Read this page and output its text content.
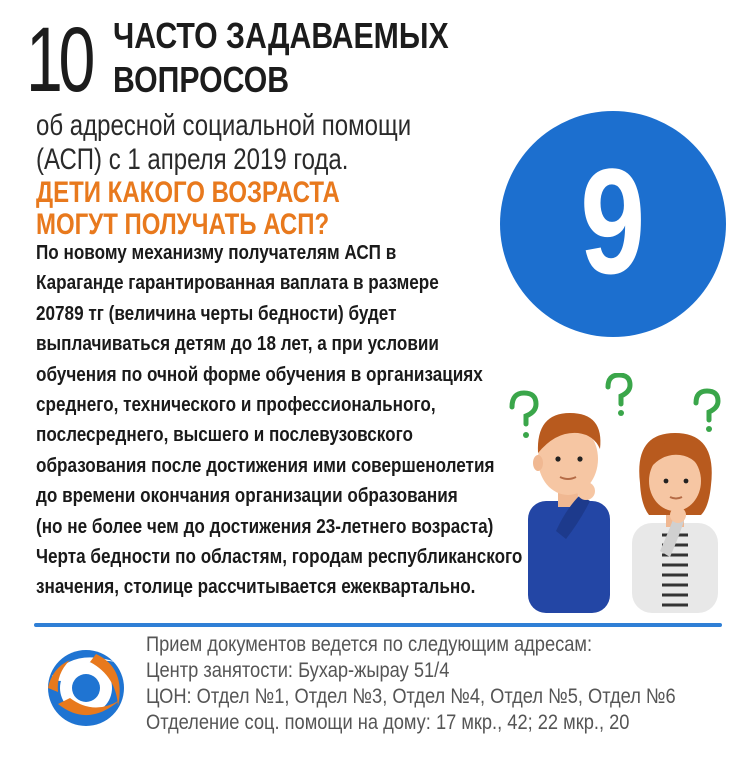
10 ЧАСТО ЗАДАВАЕМЫХ
ВОПРОСОВ
об адресной социальной помощи
(АСП) с 1 апреля 2019 года.
ДЕТИ КАКОГО ВОЗРАСТА
МОГУТ ПОЛУЧАТЬ АСП? 9
По новому механизму получателям АСП в
Караганде гарантированная ваплата в размере
20789 тг (величина черты бедности) будет
выплачиваться детям до 18 лет, а при условии
обучения по очной форме обучения в организациях
среднего, технического и профессионального,
послесреднего, высшего и послевузовского
образования после достижения ими совершенолетия
до времени окончания организации образования
(но не более чем до достижения 23-летнего возраста)
Черта бедности по областям, городам республиканского
значения, столице рассчитывается ежеквартально.
Прием документов ведется по следующим адресам:
Центр занятости: Бухар-жырау 51/4
ЦОН: Отдел №1, Отдел №3, Отдел №4, Отдел №5, Отдел №6
Отделение соц. помощи на дому: 17 мкр., 42; 22 мкр., 20
